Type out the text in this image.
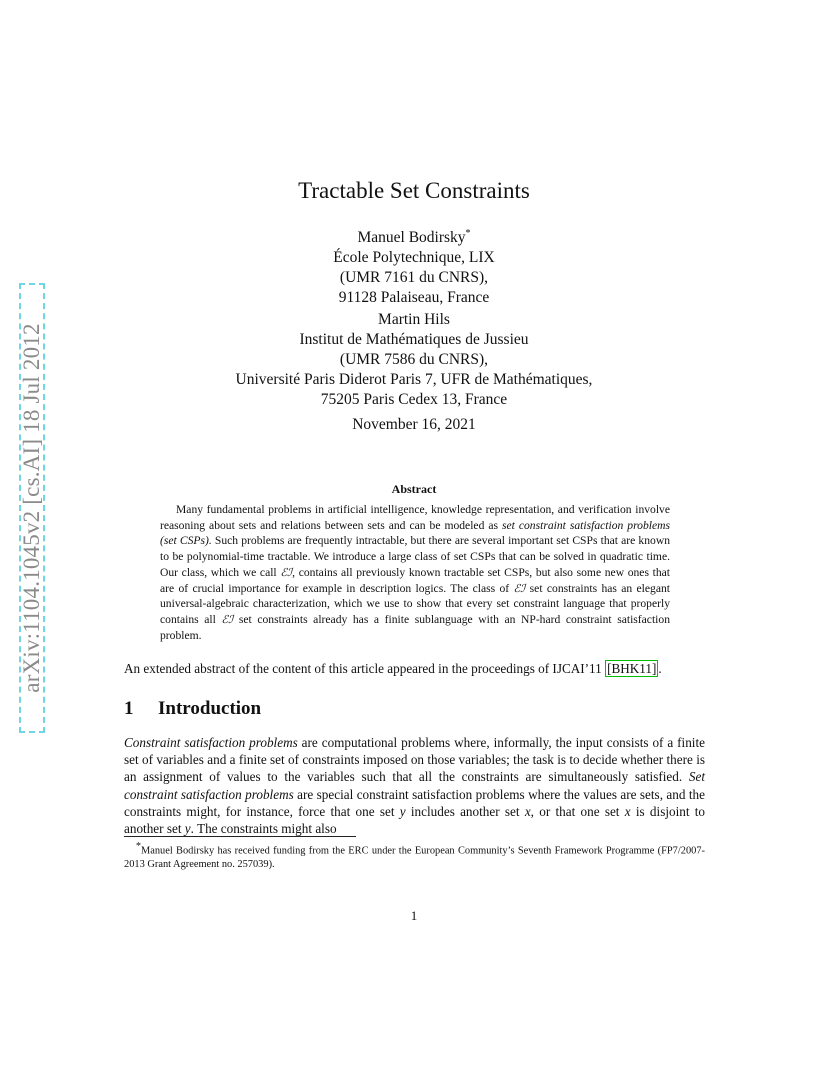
arXiv:1104.1045v2 [cs.AI] 18 Jul 2012
Tractable Set Constraints
Manuel Bodirsky*
École Polytechnique, LIX
(UMR 7161 du CNRS),
91128 Palaiseau, France
Martin Hils
Institut de Mathématiques de Jussieu
(UMR 7586 du CNRS),
Université Paris Diderot Paris 7, UFR de Mathématiques,
75205 Paris Cedex 13, France
November 16, 2021
Abstract
Many fundamental problems in artificial intelligence, knowledge representation, and verification involve reasoning about sets and relations between sets and can be modeled as set constraint satisfaction problems (set CSPs). Such problems are frequently intractable, but there are several important set CSPs that are known to be polynomial-time tractable. We introduce a large class of set CSPs that can be solved in quadratic time. Our class, which we call ℰℐ, contains all previously known tractable set CSPs, but also some new ones that are of crucial importance for example in description logics. The class of ℰℐ set constraints has an elegant universal-algebraic characterization, which we use to show that every set constraint language that properly contains all ℰℐ set constraints already has a finite sublanguage with an NP-hard constraint satisfaction problem.
An extended abstract of the content of this article appeared in the proceedings of IJCAI’11 [BHK11] .
1 Introduction
Constraint satisfaction problems are computational problems where, informally, the input consists of a finite set of variables and a finite set of constraints imposed on those variables; the task is to decide whether there is an assignment of values to the variables such that all the constraints are simultaneously satisfied. Set constraint satisfaction problems are special constraint satisfaction problems where the values are sets, and the constraints might, for instance, force that one set y includes another set x, or that one set x is disjoint to another set y. The constraints might also
*Manuel Bodirsky has received funding from the ERC under the European Community’s Seventh Framework Programme (FP7/2007-2013 Grant Agreement no. 257039).
1
